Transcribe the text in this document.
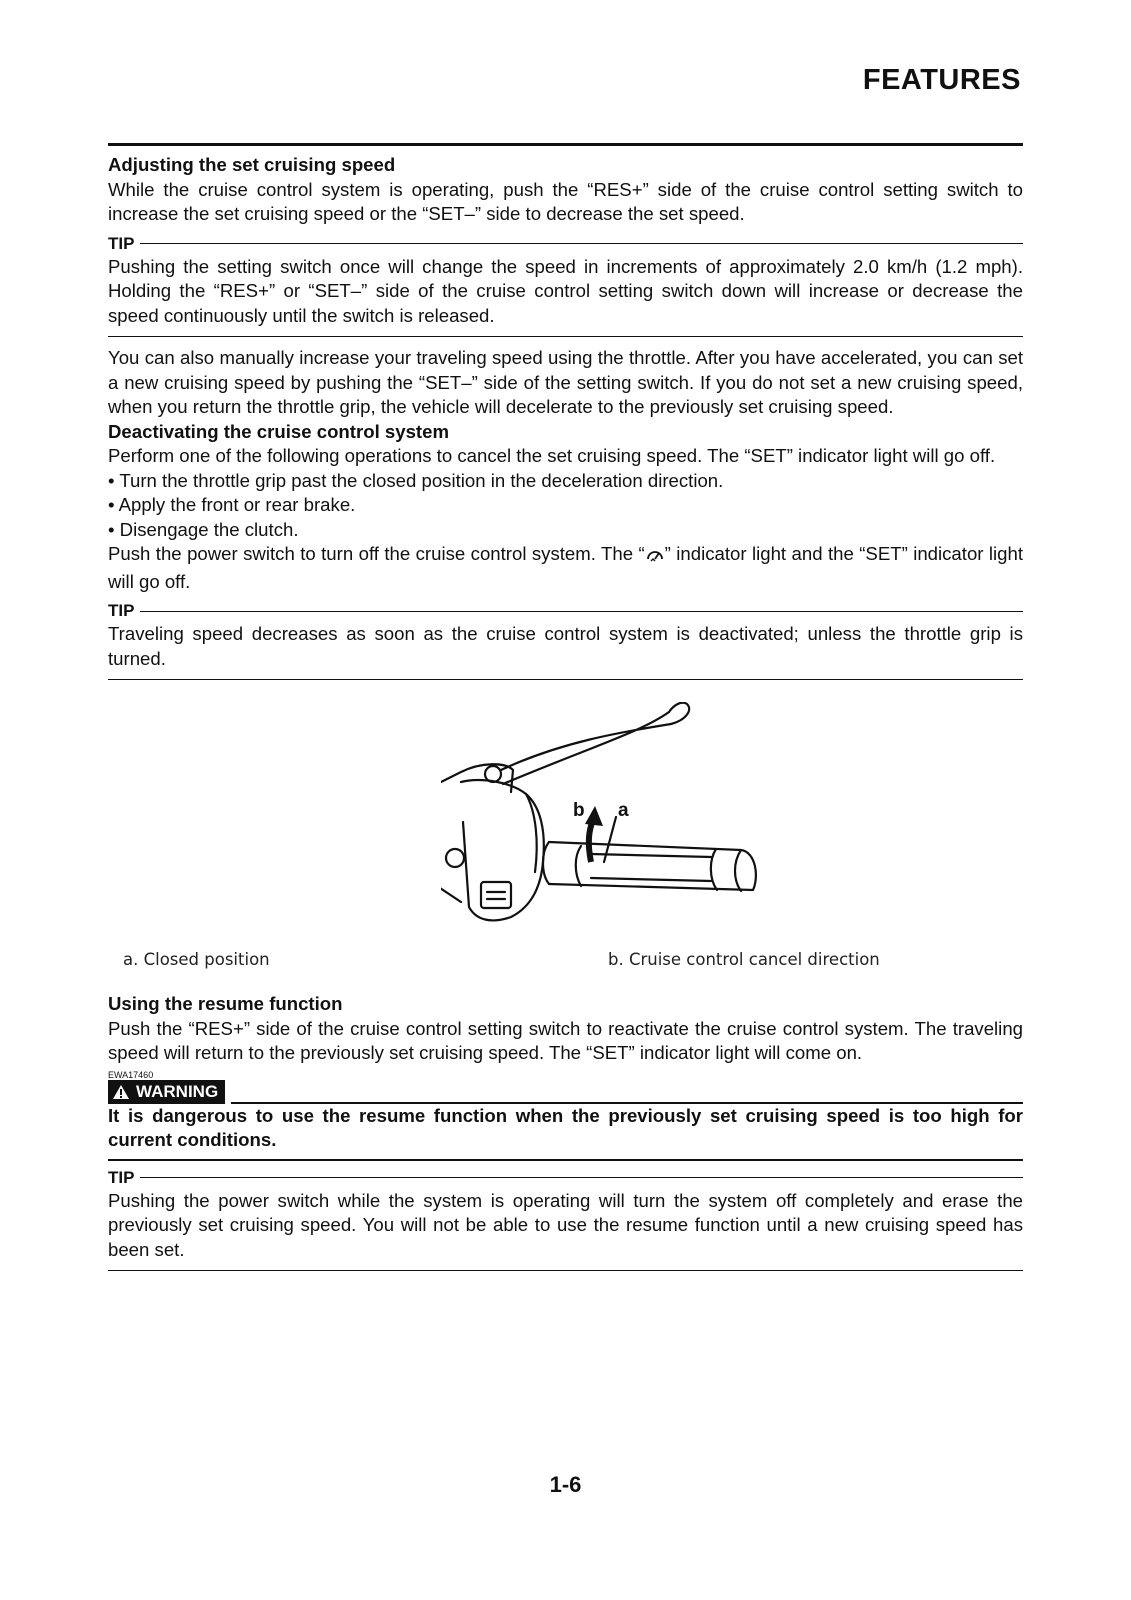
FEATURES

Adjusting the set cruising speed

While the cruise control system is operating, push the “RES+” side of the cruise control setting switch to increase the set cruising speed or the “SET–” side to decrease the set speed.

TIP

Pushing the setting switch once will change the speed in increments of approximately 2.0 km/h (1.2 mph). Holding the “RES+” or “SET–” side of the cruise control setting switch down will increase or decrease the speed continuously until the switch is released.

You can also manually increase your traveling speed using the throttle. After you have accelerated, you can set a new cruising speed by pushing the “SET–” side of the setting switch. If you do not set a new cruising speed, when you return the throttle grip, the vehicle will decelerate to the previously set cruising speed.

Deactivating the cruise control system

Perform one of the following operations to cancel the set cruising speed. The “SET” indicator light will go off.

• Turn the throttle grip past the closed position in the deceleration direction.

• Apply the front or rear brake.

• Disengage the clutch.

Push the power switch to turn off the cruise control system. The “ ” indicator light and the “SET” indicator light will go off.

TIP

Traveling speed decreases as soon as the cruise control system is deactivated; unless the throttle grip is turned.

b a
a. Closed position	b. Cruise control cancel direction

Using the resume function

Push the “RES+” side of the cruise control setting switch to reactivate the cruise control system. The traveling speed will return to the previously set cruising speed. The “SET” indicator light will come on.

EWA17460
WARNING

It is dangerous to use the resume function when the previously set cruising speed is too high for current conditions.

TIP

Pushing the power switch while the system is operating will turn the system off completely and erase the previously set cruising speed. You will not be able to use the resume function until a new cruising speed has been set.

1-6
